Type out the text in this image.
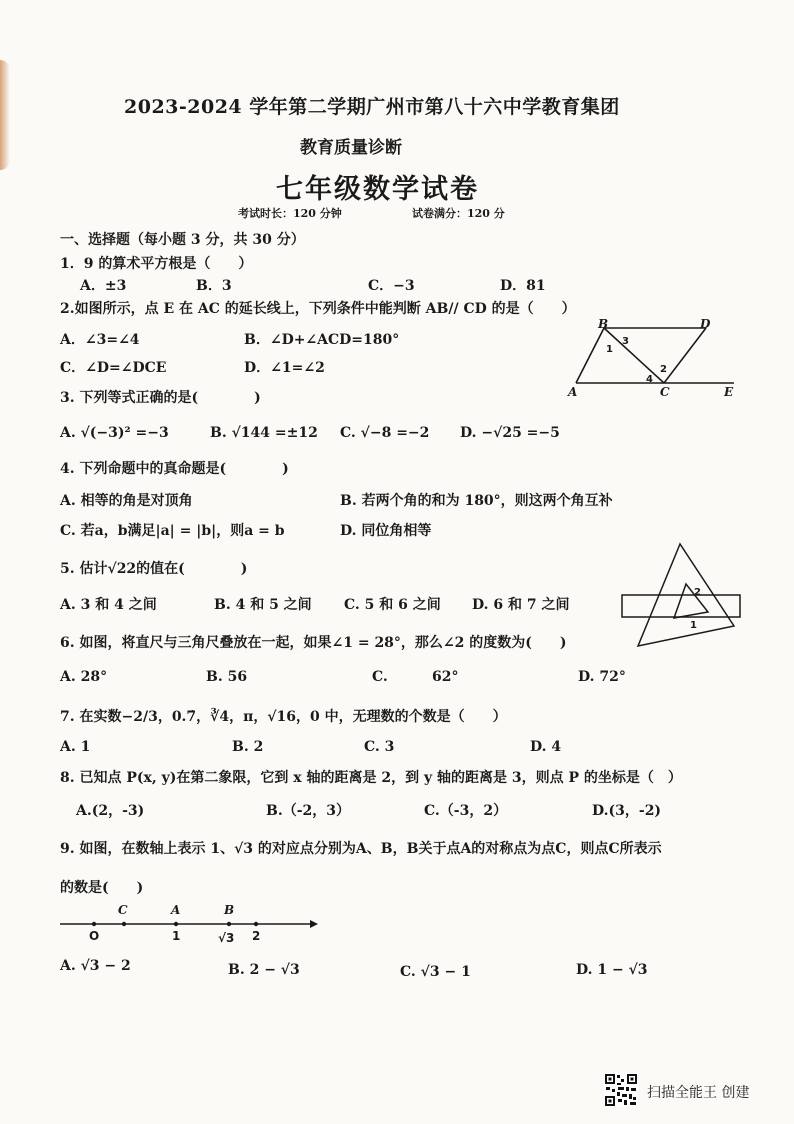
2023-2024 学年第二学期广州市第八十六中学教育集团
教育质量诊断
七年级数学试卷
考试时长：120 分钟	试卷满分：120 分
一、选择题（每小题 3 分，共 30 分）
1．9 的算术平方根是（　　）
A．±3	B．3	C．−3	D．81
2.如图所示，点 E 在 AC 的延长线上，下列条件中能判断 AB// CD 的是（　　）
A．∠3=∠4	B．∠D+∠ACD=180°
C．∠D=∠DCE	D．∠1=∠2
B	D
A	C	E
1
3
2
4
3. 下列等式正确的是(　　　　)
A. √(−3)² =−3	B. √144 =±12 C. √−8 =−2 D. −√25 =−5
4. 下列命题中的真命题是(　　　　)
A. 相等的角是对顶角	B. 若两个角的和为 180°，则这两个角互补
C. 若a，b满足|a| = |b|，则a = b	D. 同位角相等
5. 估计√22的值在(　　　　)
A. 3 和 4 之间	B. 4 和 5 之间 C. 5 和 6 之间 D. 6 和 7 之间
2
1
6. 如图，将直尺与三角尺叠放在一起，如果∠1 = 28°，那么∠2 的度数为(　　)
A. 28°	B. 56	C.	62°	D. 72°
7. 在实数−2/3，0.7̇，∛4，π，√16，0 中，无理数的个数是（　　）
A. 1	B. 2	C. 3	D. 4
8. 已知点 P(x, y)在第二象限，它到 x 轴的距离是 2，到 y 轴的距离是 3，则点 P 的坐标是（　）
A.(2，-3)	B.（-2，3）	C.（-3，2）	D.(3，-2)
9. 如图，在数轴上表示 1、√3 的对应点分别为A、B，B关于点A的对称点为点C，则点C所表示
的数是(　　)
C	A	B
O	1	√3 2
A. √3 − 2	B. 2 − √3	C. √3 − 1	D. 1 − √3
扫描全能王 创建
